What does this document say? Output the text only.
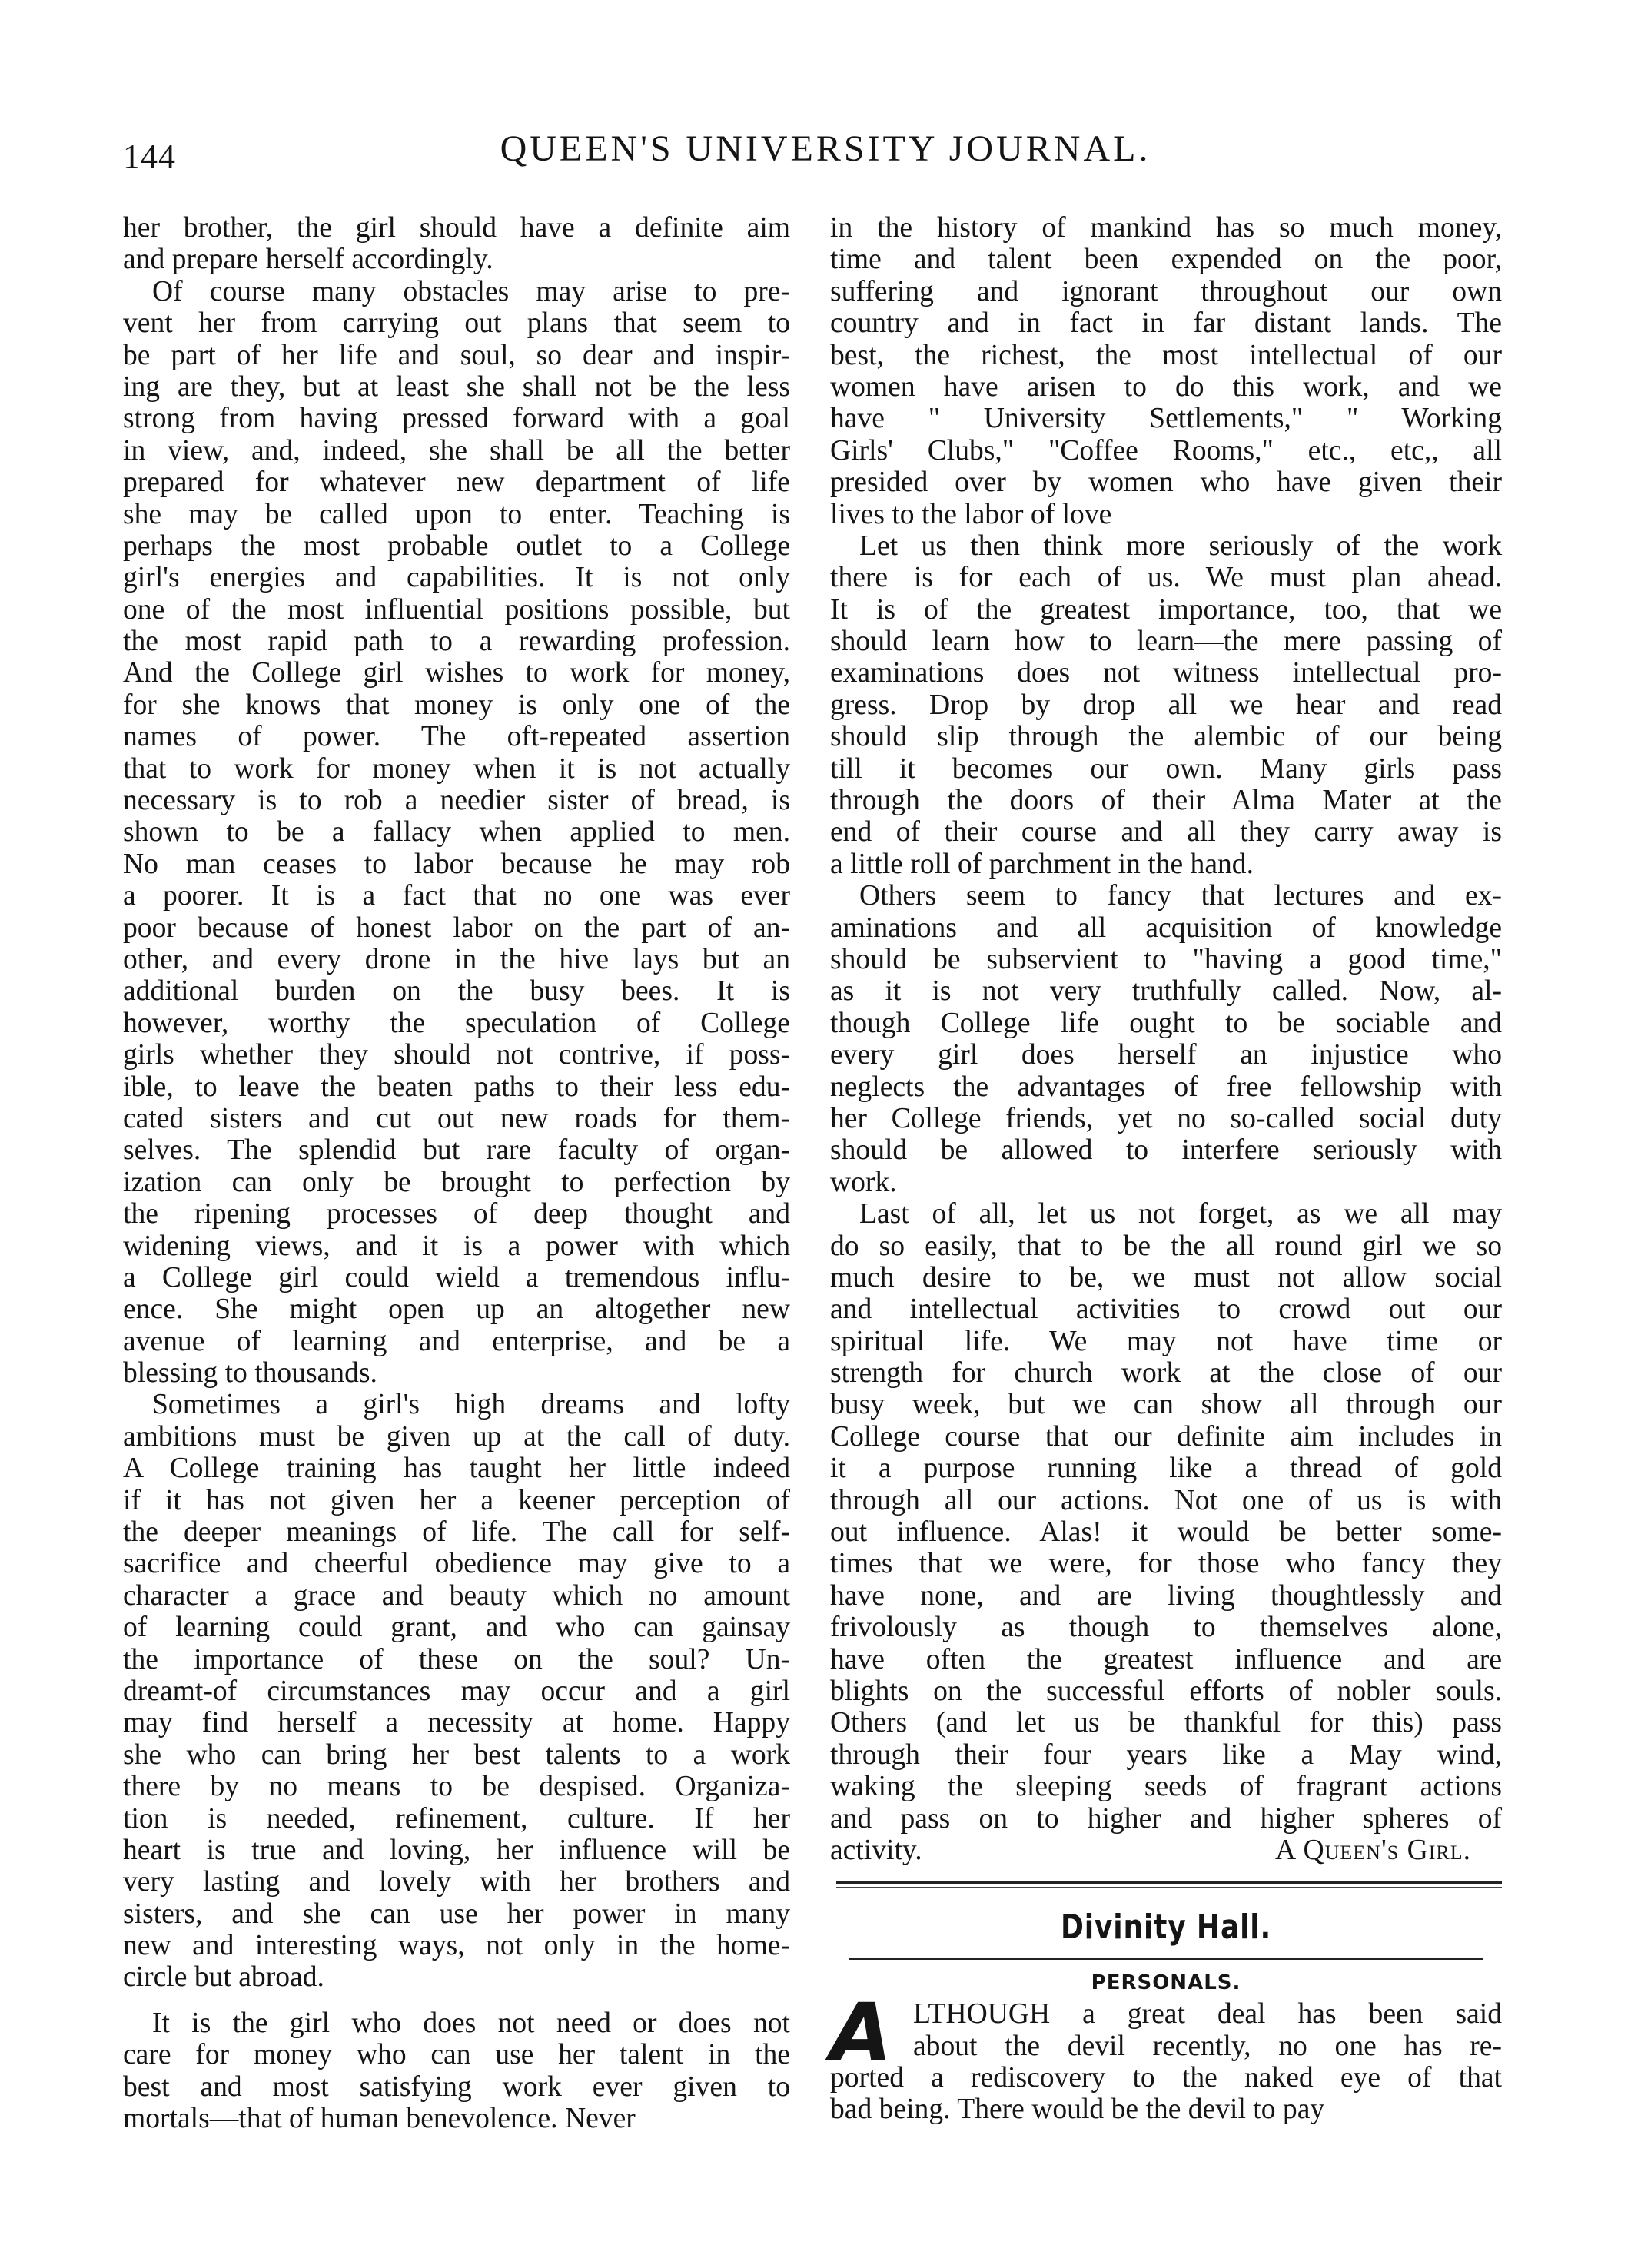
144	QUEEN'S UNIVERSITY JOURNAL.
her brother, the girl should have a definite aim
and prepare herself accordingly.
Of course many obstacles may arise to pre-
vent her from carrying out plans that seem to
be part of her life and soul, so dear and inspir-
ing are they, but at least she shall not be the less
strong from having pressed forward with a goal
in view, and, indeed, she shall be all the better
prepared for whatever new department of life
she may be called upon to enter. Teaching is
perhaps the most probable outlet to a College
girl's energies and capabilities. It is not only
one of the most influential positions possible, but
the most rapid path to a rewarding profession.
And the College girl wishes to work for money,
for she knows that money is only one of the
names of power. The oft-repeated assertion
that to work for money when it is not actually
necessary is to rob a needier sister of bread, is
shown to be a fallacy when applied to men.
No man ceases to labor because he may rob
a poorer. It is a fact that no one was ever
poor because of honest labor on the part of an-
other, and every drone in the hive lays but an
additional burden on the busy bees. It is
however, worthy the speculation of College
girls whether they should not contrive, if poss-
ible, to leave the beaten paths to their less edu-
cated sisters and cut out new roads for them-
selves. The splendid but rare faculty of organ-
ization can only be brought to perfection by
the ripening processes of deep thought and
widening views, and it is a power with which
a College girl could wield a tremendous influ-
ence. She might open up an altogether new
avenue of learning and enterprise, and be a
blessing to thousands.
Sometimes a girl's high dreams and lofty
ambitions must be given up at the call of duty.
A College training has taught her little indeed
if it has not given her a keener perception of
the deeper meanings of life. The call for self-
sacrifice and cheerful obedience may give to a
character a grace and beauty which no amount
of learning could grant, and who can gainsay
the importance of these on the soul? Un-
dreamt-of circumstances may occur and a girl
may find herself a necessity at home. Happy
she who can bring her best talents to a work
there by no means to be despised. Organiza-
tion is needed, refinement, culture. If her
heart is true and loving, her influence will be
very lasting and lovely with her brothers and
sisters, and she can use her power in many
new and interesting ways, not only in the home-
circle but abroad.
It is the girl who does not need or does not
care for money who can use her talent in the
best and most satisfying work ever given to
mortals—that of human benevolence. Never
in the history of mankind has so much money,
time and talent been expended on the poor,
suffering and ignorant throughout our own
country and in fact in far distant lands. The
best, the richest, the most intellectual of our
women have arisen to do this work, and we
have " University Settlements," " Working
Girls' Clubs," "Coffee Rooms," etc., etc,, all
presided over by women who have given their
lives to the labor of love
Let us then think more seriously of the work
there is for each of us. We must plan ahead.
It is of the greatest importance, too, that we
should learn how to learn—the mere passing of
examinations does not witness intellectual pro-
gress. Drop by drop all we hear and read
should slip through the alembic of our being
till it becomes our own. Many girls pass
through the doors of their Alma Mater at the
end of their course and all they carry away is
a little roll of parchment in the hand.
Others seem to fancy that lectures and ex-
aminations and all acquisition of knowledge
should be subservient to "having a good time,"
as it is not very truthfully called. Now, al-
though College life ought to be sociable and
every girl does herself an injustice who
neglects the advantages of free fellowship with
her College friends, yet no so-called social duty
should be allowed to interfere seriously with
work.
Last of all, let us not forget, as we all may
do so easily, that to be the all round girl we so
much desire to be, we must not allow social
and intellectual activities to crowd out our
spiritual life. We may not have time or
strength for church work at the close of our
busy week, but we can show all through our
College course that our definite aim includes in
it a purpose running like a thread of gold
through all our actions. Not one of us is with
out influence. Alas! it would be better some-
times that we were, for those who fancy they
have none, and are living thoughtlessly and
frivolously as though to themselves alone,
have often the greatest influence and are
blights on the successful efforts of nobler souls.
Others (and let us be thankful for this) pass
through their four years like a May wind,
waking the sleeping seeds of fragrant actions
and pass on to higher and higher spheres of
activity.	A Queen's Girl.
Divinity Hall.
PERSONALS.
A LTHOUGH a great deal has been said
about the devil recently, no one has re-
ported a rediscovery to the naked eye of that
bad being. There would be the devil to pay
